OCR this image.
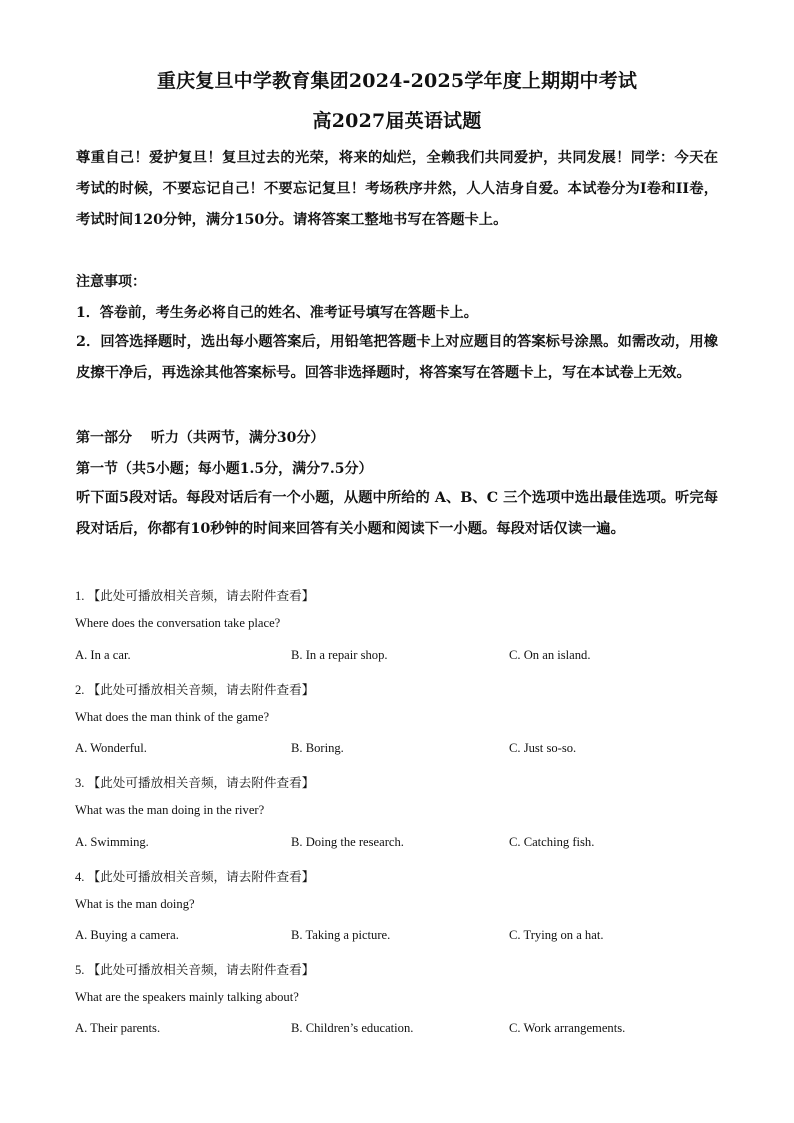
重庆复旦中学教育集团2024-2025学年度上期期中考试
高2027届英语试题
尊重自己！爱护复旦！复旦过去的光荣，将来的灿烂，全赖我们共同爱护，共同发展！同学：今天在考试的时候，不要忘记自己！不要忘记复旦！考场秩序井然，人人洁身自爱。本试卷分为I卷和II卷，考试时间120分钟，满分150分。请将答案工整地书写在答题卡上。
注意事项：
1．答卷前，考生务必将自己的姓名、准考证号填写在答题卡上。
2．回答选择题时，选出每小题答案后，用铅笔把答题卡上对应题目的答案标号涂黑。如需改动，用橡皮擦干净后，再选涂其他答案标号。回答非选择题时，将答案写在答题卡上，写在本试卷上无效。
第一部分　 听力（共两节，满分30分）
第一节（共5小题；每小题1.5分，满分7.5分）
听下面5段对话。每段对话后有一个小题，从题中所给的 A、B、C 三个选项中选出最佳选项。听完每段对话后，你都有10秒钟的时间来回答有关小题和阅读下一小题。每段对话仅读一遍。
1. 【此处可播放相关音频，请去附件查看】
Where does the conversation take place?
A. In a car.	B. In a repair shop.	C. On an island.
2. 【此处可播放相关音频，请去附件查看】
What does the man think of the game?
A. Wonderful.	B. Boring.	C. Just so-so.
3. 【此处可播放相关音频，请去附件查看】
What was the man doing in the river?
A. Swimming.	B. Doing the research.	C. Catching fish.
4. 【此处可播放相关音频，请去附件查看】
What is the man doing?
A. Buying a camera.	B. Taking a picture.	C. Trying on a hat.
5. 【此处可播放相关音频，请去附件查看】
What are the speakers mainly talking about?
A. Their parents.	B. Children’s education.	C. Work arrangements.
